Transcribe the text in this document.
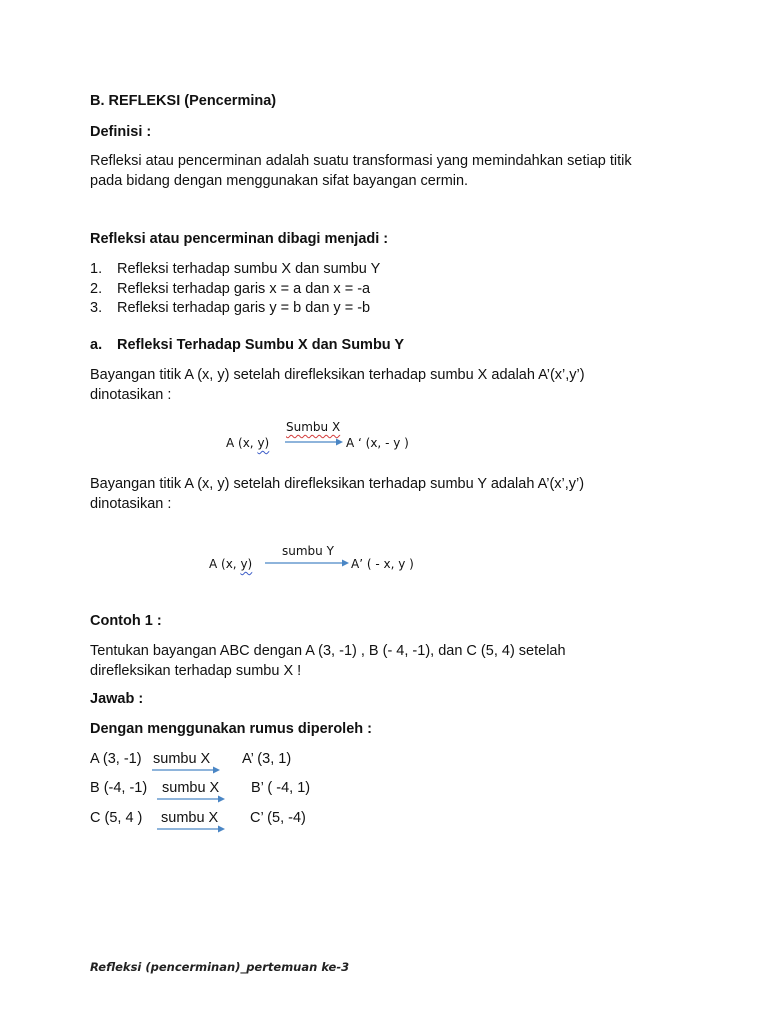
B. REFLEKSI (Pencermina)
Definisi :
Refleksi atau pencerminan adalah suatu transformasi yang memindahkan setiap titik
pada bidang dengan menggunakan sifat bayangan cermin.
Refleksi atau pencerminan dibagi menjadi :
1. Refleksi terhadap sumbu X dan sumbu Y
2. Refleksi terhadap garis x = a dan x = -a
3. Refleksi terhadap garis y = b dan y = -b
a. Refleksi Terhadap Sumbu X dan Sumbu Y
Bayangan titik A (x, y) setelah direfleksikan terhadap sumbu X adalah A’(x’,y’)
dinotasikan :
A (x, y)
Sumbu X
A ‘ (x, - y )
Bayangan titik A (x, y) setelah direfleksikan terhadap sumbu Y adalah A’(x’,y’)
dinotasikan :
A (x, y)
sumbu Y
A’ ( - x, y )
Contoh 1 :
Tentukan bayangan ABC dengan A (3, -1) , B (- 4, -1), dan C (5, 4) setelah
direfleksikan terhadap sumbu X !
Jawab :
Dengan menggunakan rumus diperoleh :
A (3, -1) sumbu X A’ (3, 1)
B (-4, -1) sumbu X B’ ( -4, 1)
C (5, 4 ) sumbu X C’ (5, -4)
Refleksi (pencerminan)_pertemuan ke-3
